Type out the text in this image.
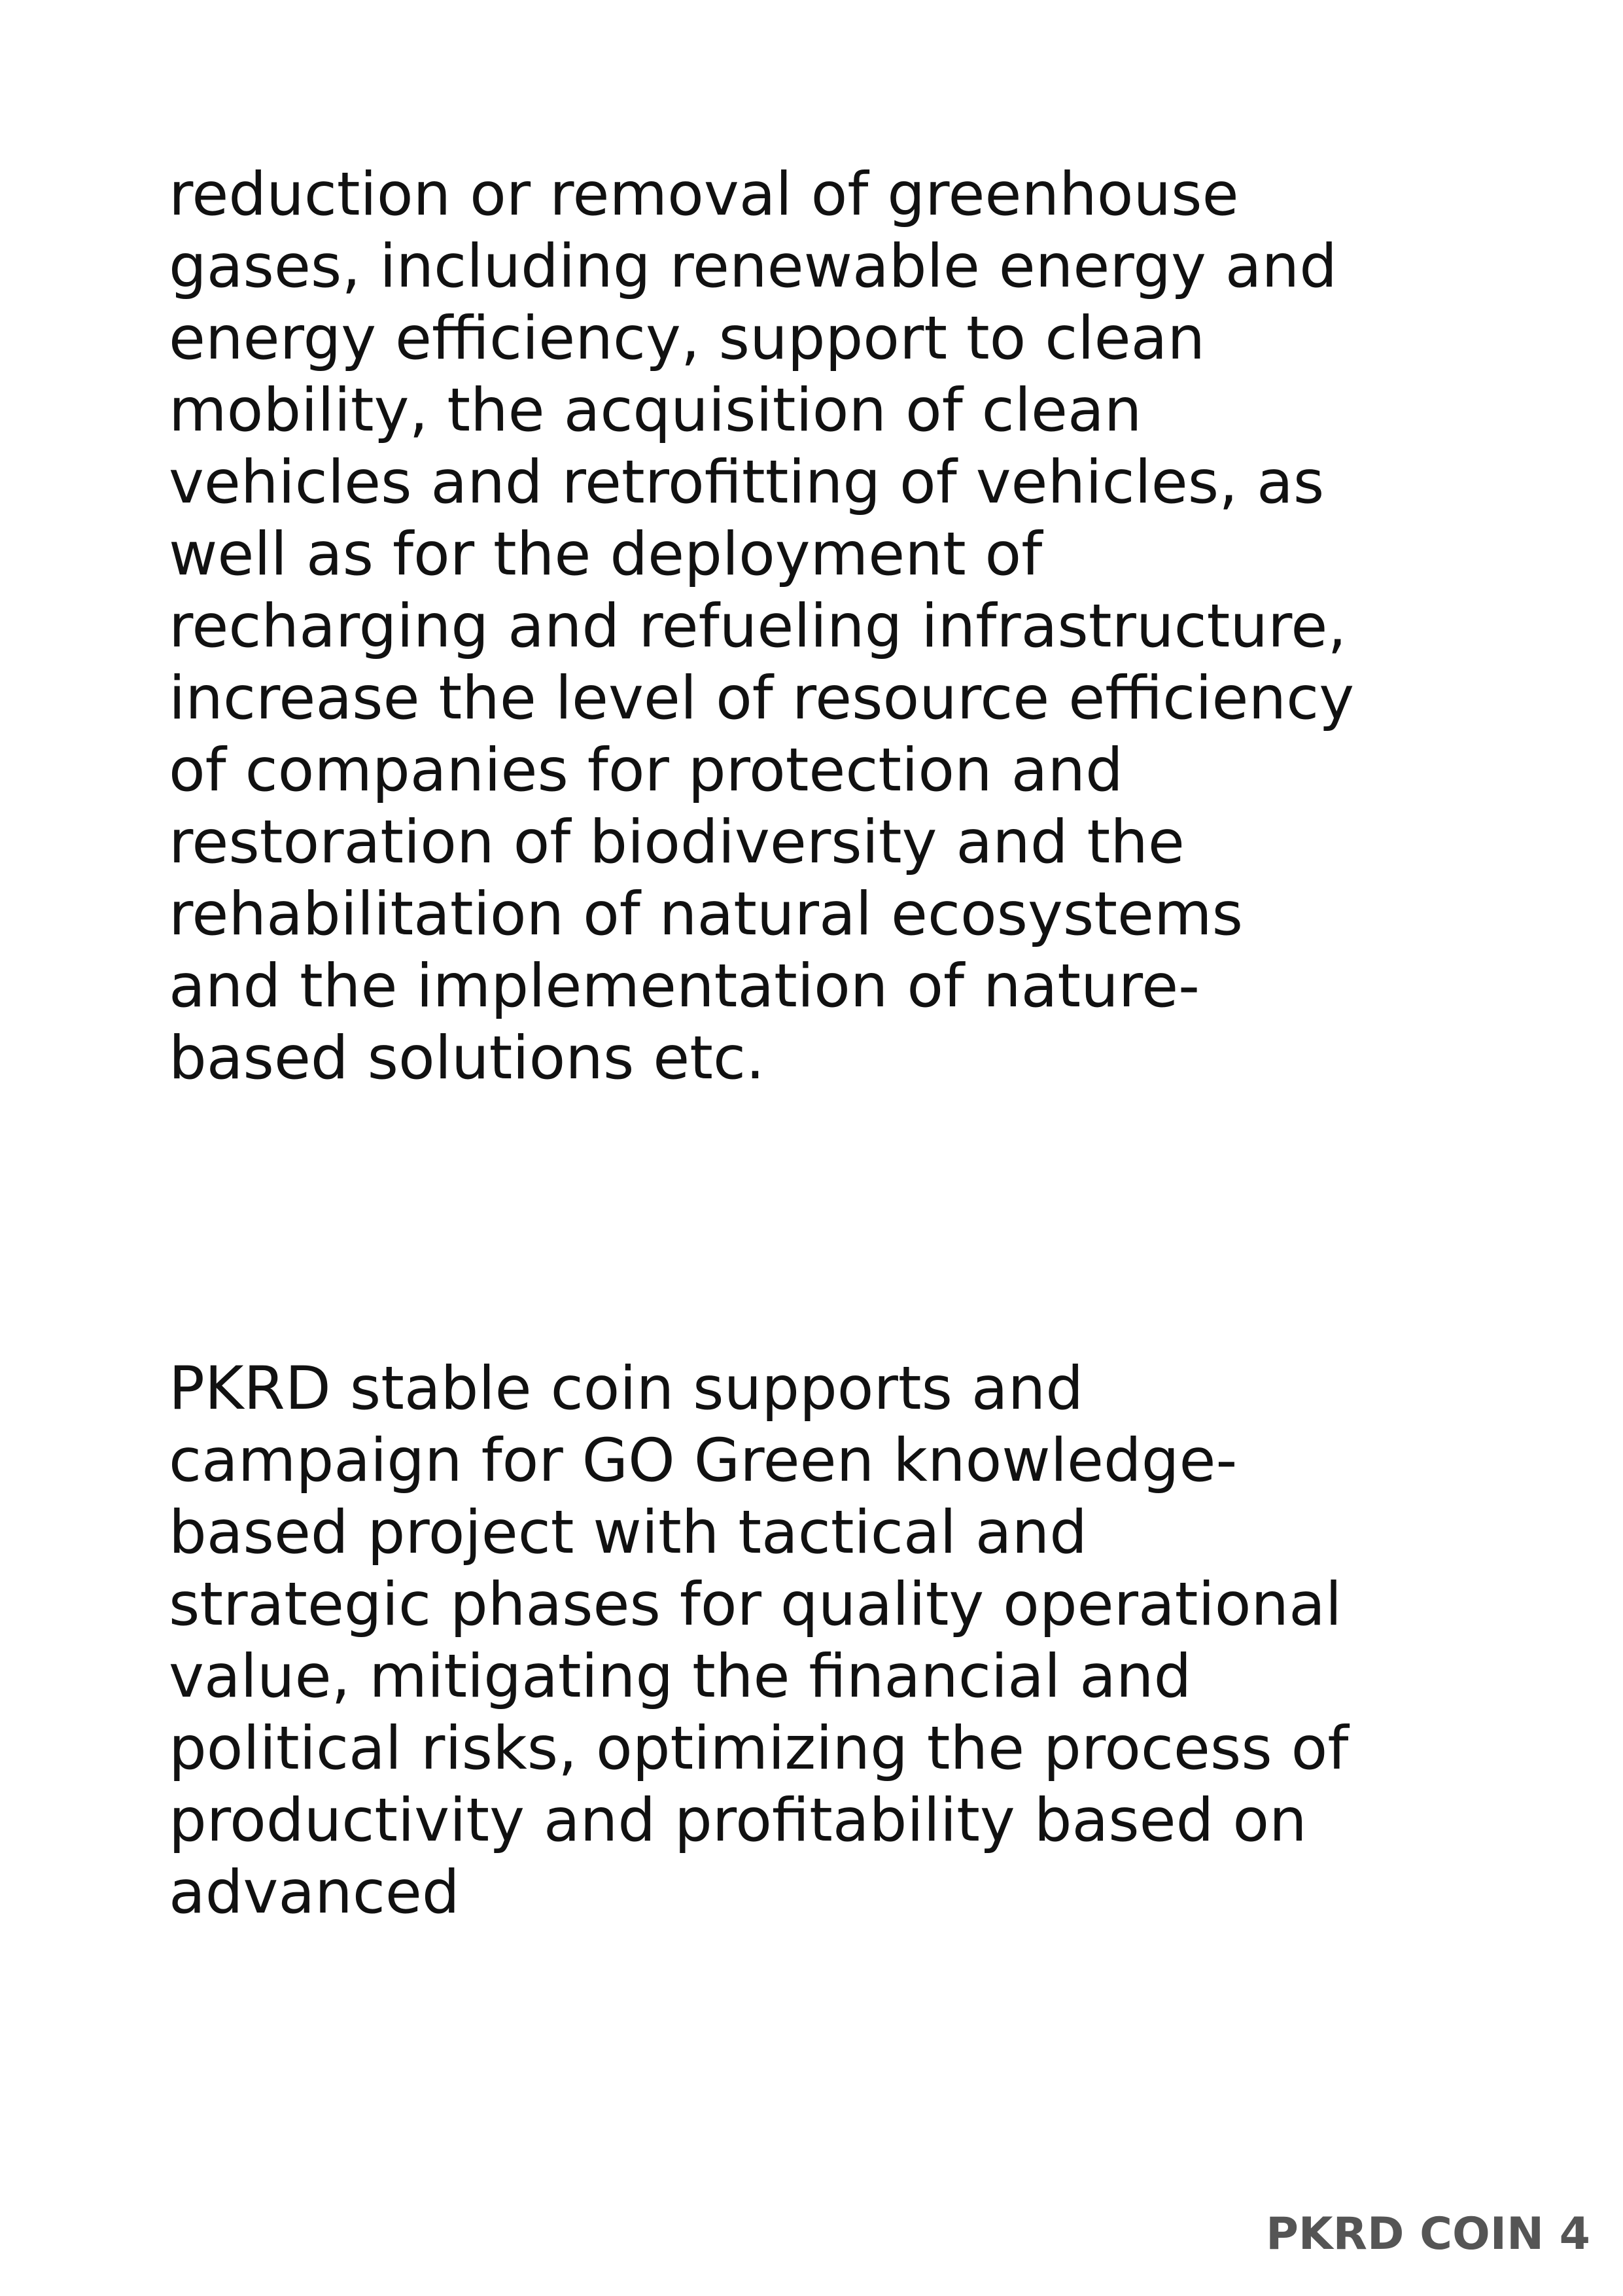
reduction or removal of greenhouse
gases, including renewable energy and
energy efficiency, support to clean
mobility, the acquisition of clean
vehicles and retrofitting of vehicles, as
well as for the deployment of
recharging and refueling infrastructure,
increase the level of resource efficiency
of companies for protection and
restoration of biodiversity and the
rehabilitation of natural ecosystems
and the implementation of nature-
based solutions etc.

PKRD stable coin supports and
campaign for GO Green knowledge-
based project with tactical and
strategic phases for quality operational
value, mitigating the financial and
political risks, optimizing the process of
productivity and profitability based on
advanced

PKRD COIN 4
